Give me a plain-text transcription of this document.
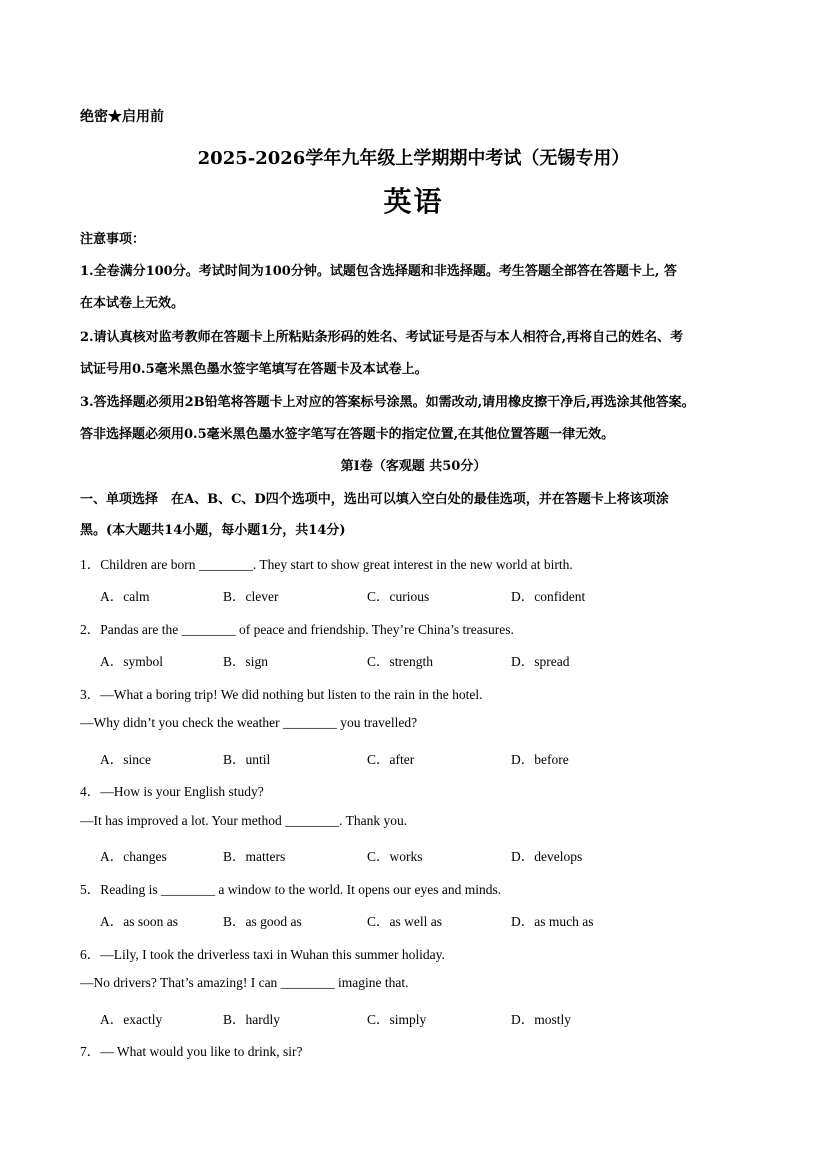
绝密★启用前
2025-2026学年九年级上学期期中考试（无锡专用）
英语
注意事项：
1.全卷满分100分。考试时间为100分钟。试题包含选择题和非选择题。考生答题全部答在答题卡上, 答
在本试卷上无效。
2.请认真核对监考教师在答题卡上所粘贴条形码的姓名、考试证号是否与本人相符合,再将自己的姓名、考
试证号用0.5毫米黑色墨水签字笔填写在答题卡及本试卷上。
3.答选择题必须用2B铅笔将答题卡上对应的答案标号涂黑。如需改动,请用橡皮擦干净后,再选涂其他答案。
答非选择题必须用0.5毫米黑色墨水签字笔写在答题卡的指定位置,在其他位置答题一律无效。
第I卷（客观题 共50分）
一、单项选择　在A、B、C、D四个选项中，选出可以填入空白处的最佳选项，并在答题卡上将该项涂
黑。(本大题共14小题，每小题1分，共14分)
1．Children are born ________. They start to show great interest in the new world at birth.
A．calm	B．clever	C．curious	D．confident
2．Pandas are the ________ of peace and friendship. They’re China’s treasures.
A．symbol	B．sign	C．strength	D．spread
3．—What a boring trip! We did nothing but listen to the rain in the hotel.
—Why didn’t you check the weather ________ you travelled?
A．since	B．until	C．after	D．before
4．—How is your English study?
—It has improved a lot. Your method ________. Thank you.
A．changes	B．matters	C．works	D．develops
5．Reading is ________ a window to the world. It opens our eyes and minds.
A．as soon as	B．as good as	C．as well as	D．as much as
6．—Lily, I took the driverless taxi in Wuhan this summer holiday.
—No drivers? That’s amazing! I can ________ imagine that.
A．exactly	B．hardly	C．simply	D．mostly
7．— What would you like to drink, sir?
